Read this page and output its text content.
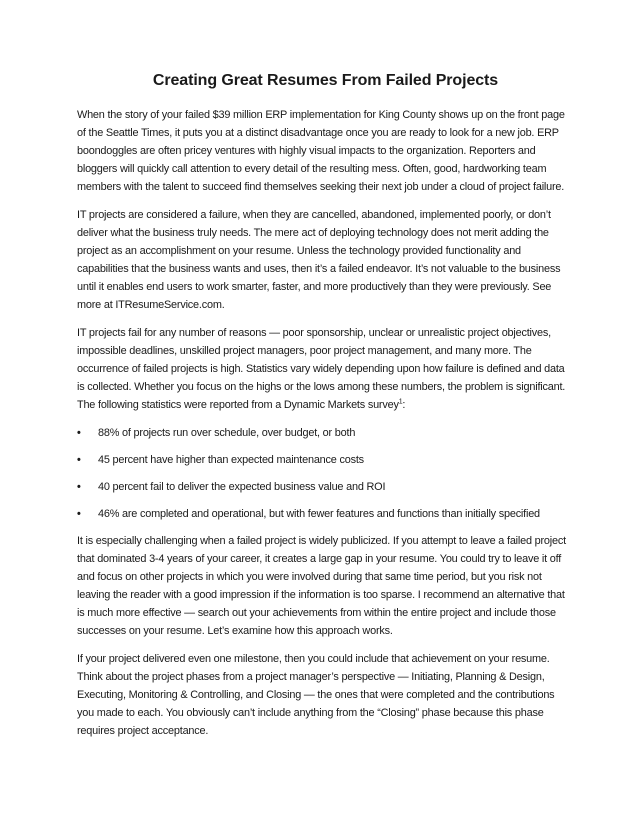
Creating Great Resumes From Failed Projects

When the story of your failed $39 million ERP implementation for King County shows up on the front page of the Seattle Times, it puts you at a distinct disadvantage once you are ready to look for a new job. ERP boondoggles are often pricey ventures with highly visual impacts to the organization. Reporters and bloggers will quickly call attention to every detail of the resulting mess. Often, good, hardworking team members with the talent to succeed find themselves seeking their next job under a cloud of project failure.

IT projects are considered a failure, when they are cancelled, abandoned, implemented poorly, or don’t deliver what the business truly needs. The mere act of deploying technology does not merit adding the project as an accomplishment on your resume. Unless the technology provided functionality and capabilities that the business wants and uses, then it’s a failed endeavor. It’s not valuable to the business until it enables end users to work smarter, faster, and more productively than they were previously. See more at ITResumeService.com.

IT projects fail for any number of reasons — poor sponsorship, unclear or unrealistic project objectives, impossible deadlines, unskilled project managers, poor project management, and many more. The occurrence of failed projects is high. Statistics vary widely depending upon how failure is defined and data is collected. Whether you focus on the highs or the lows among these numbers, the problem is significant. The following statistics were reported from a Dynamic Markets survey$^1$:

• 88% of projects run over schedule, over budget, or both
• 45 percent have higher than expected maintenance costs
• 40 percent fail to deliver the expected business value and ROI
• 46% are completed and operational, but with fewer features and functions than initially specified

It is especially challenging when a failed project is widely publicized. If you attempt to leave a failed project that dominated 3-4 years of your career, it creates a large gap in your resume. You could try to leave it off and focus on other projects in which you were involved during that same time period, but you risk not leaving the reader with a good impression if the information is too sparse. I recommend an alternative that is much more effective — search out your achievements from within the entire project and include those successes on your resume. Let’s examine how this approach works.

If your project delivered even one milestone, then you could include that achievement on your resume. Think about the project phases from a project manager’s perspective — Initiating, Planning & Design, Executing, Monitoring & Controlling, and Closing — the ones that were completed and the contributions you made to each. You obviously can’t include anything from the “Closing” phase because this phase requires project acceptance.
